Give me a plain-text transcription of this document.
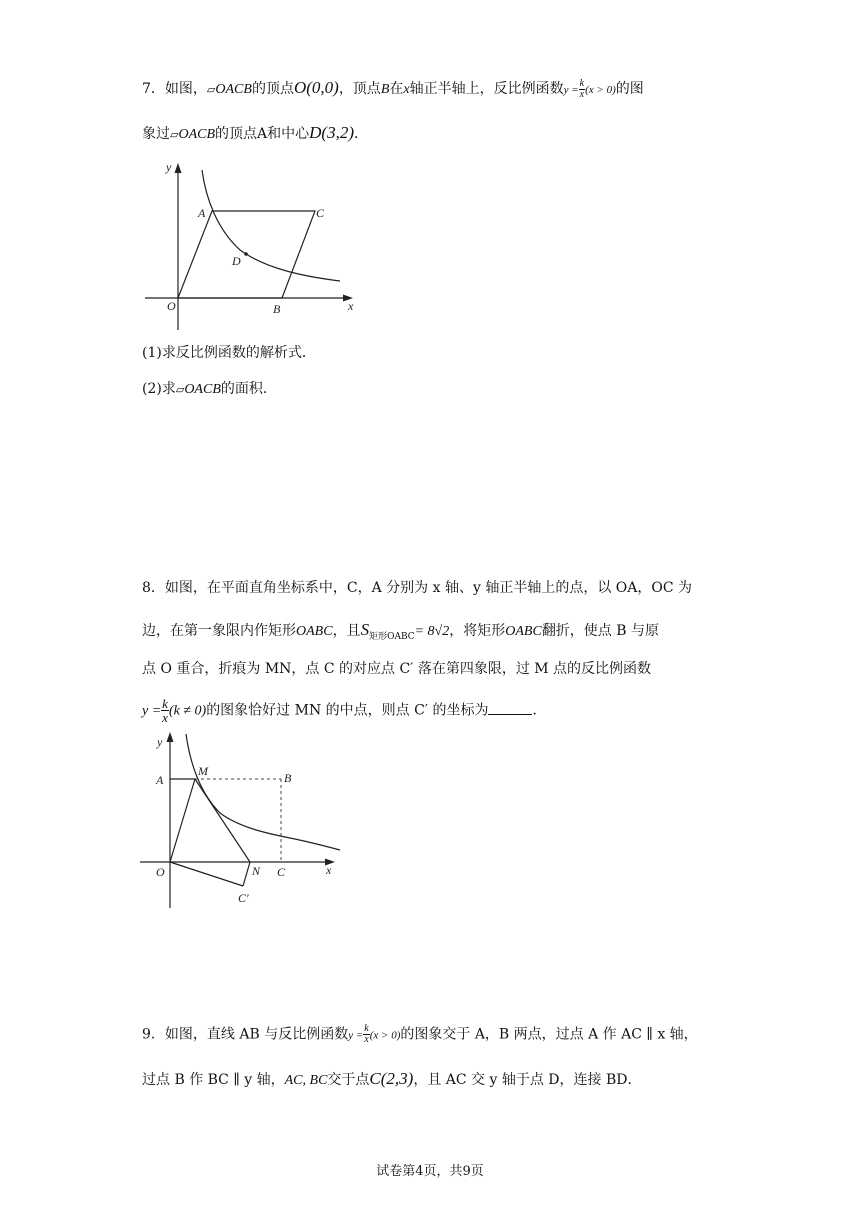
7．如图，▱OACB的顶点O(0,0)，顶点B在x轴正半轴上，反比例函数$y = \frac{k}{x} (x > 0)$的图
象过▱OACB的顶点A和中心D(3,2)．
y
x
O
A	C
D
B
(1)求反比例函数的解析式．
(2)求▱OACB的面积．
8．如图，在平面直角坐标系中，C，A 分别为 x 轴、y 轴正半轴上的点，以 OA，OC 为
边，在第一象限内作矩形OABC，且$S_{矩形OABC}= 8√2$，将矩形OABC翻折，使点 B 与原
点 O 重合，折痕为 MN，点 C 的对应点 C′ 落在第四象限，过 M 点的反比例函数
$y = \frac{k}{x} (k \ne 0)$的图象恰好过 MN 的中点，则点 C′ 的坐标为	．
y
A
M	B
O	N C	x
C′
9．如图，直线 AB 与反比例函数$y = \frac{k}{x} (x > 0)$的图象交于 A，B 两点，过点 A 作 AC ∥ x 轴，
过点 B 作 BC ∥ y 轴，AC, BC交于点C(2,3)，且 AC 交 y 轴于点 D，连接 BD．
试卷第4页，共9页
